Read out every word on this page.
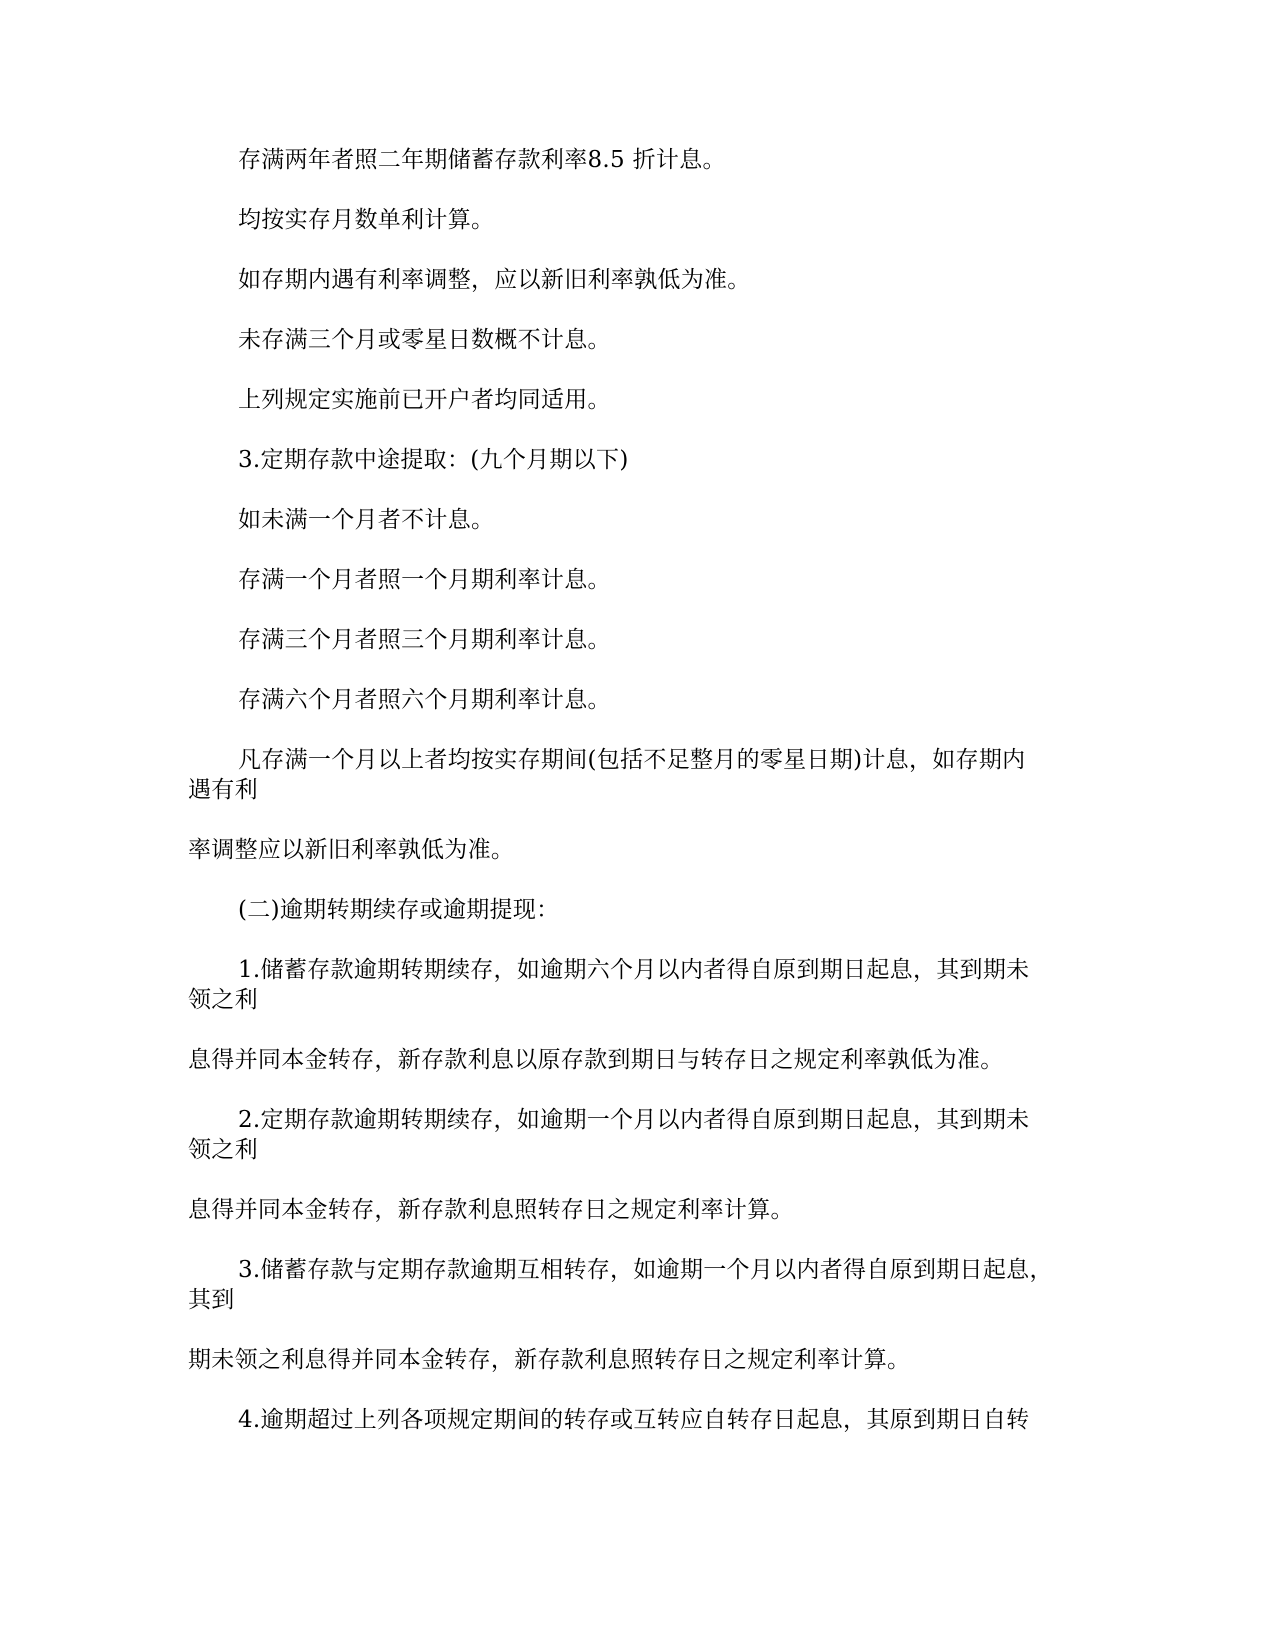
存满两年者照二年期储蓄存款利率8.5 折计息。
均按实存月数单利计算。
如存期内遇有利率调整，应以新旧利率孰低为准。
未存满三个月或零星日数概不计息。
上列规定实施前已开户者均同适用。
3.定期存款中途提取：(九个月期以下)
如未满一个月者不计息。
存满一个月者照一个月期利率计息。
存满三个月者照三个月期利率计息。
存满六个月者照六个月期利率计息。
凡存满一个月以上者均按实存期间(包括不足整月的零星日期)计息，如存期内
遇有利
率调整应以新旧利率孰低为准。
(二)逾期转期续存或逾期提现：
1.储蓄存款逾期转期续存，如逾期六个月以内者得自原到期日起息，其到期未
领之利
息得并同本金转存，新存款利息以原存款到期日与转存日之规定利率孰低为准。
2.定期存款逾期转期续存，如逾期一个月以内者得自原到期日起息，其到期未
领之利
息得并同本金转存，新存款利息照转存日之规定利率计算。
3.储蓄存款与定期存款逾期互相转存，如逾期一个月以内者得自原到期日起息，
其到
期未领之利息得并同本金转存，新存款利息照转存日之规定利率计算。
4.逾期超过上列各项规定期间的转存或互转应自转存日起息，其原到期日自转
